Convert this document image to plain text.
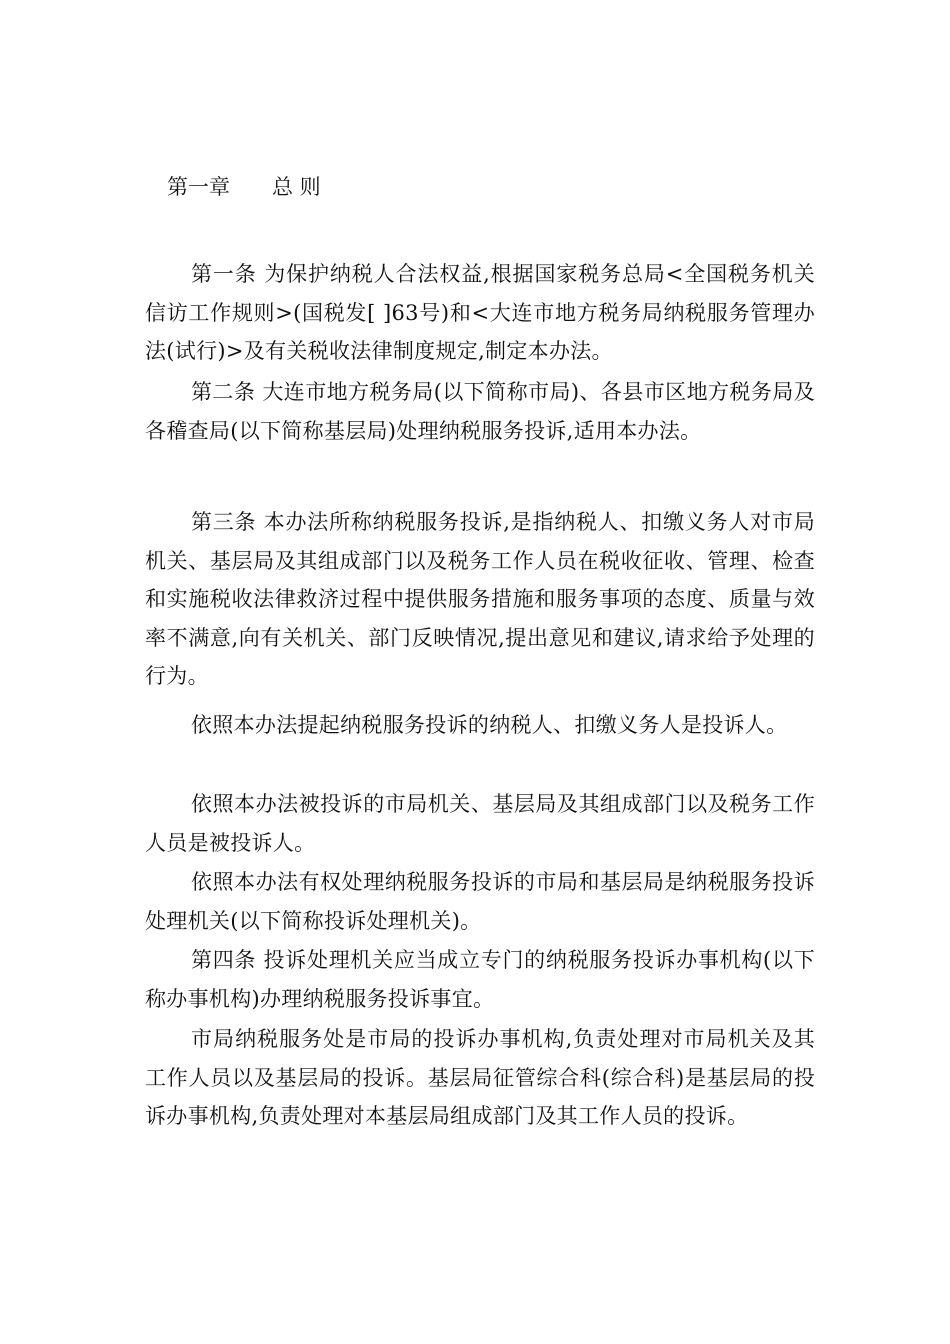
第一章　　总 则

第一条 为保护纳税人合法权益,根据国家税务总局<全国税务机关信访工作规则>(国税发[ ]63号)和<大连市地方税务局纳税服务管理办法(试行)>及有关税收法律制度规定,制定本办法。

第二条 大连市地方税务局(以下简称市局)、各县市区地方税务局及各稽查局(以下简称基层局)处理纳税服务投诉,适用本办法。

第三条 本办法所称纳税服务投诉,是指纳税人、扣缴义务人对市局机关、基层局及其组成部门以及税务工作人员在税收征收、管理、检查和实施税收法律救济过程中提供服务措施和服务事项的态度、质量与效率不满意,向有关机关、部门反映情况,提出意见和建议,请求给予处理的行为。

依照本办法提起纳税服务投诉的纳税人、扣缴义务人是投诉人。

依照本办法被投诉的市局机关、基层局及其组成部门以及税务工作人员是被投诉人。

依照本办法有权处理纳税服务投诉的市局和基层局是纳税服务投诉处理机关(以下简称投诉处理机关)。

第四条 投诉处理机关应当成立专门的纳税服务投诉办事机构(以下称办事机构)办理纳税服务投诉事宜。

市局纳税服务处是市局的投诉办事机构,负责处理对市局机关及其工作人员以及基层局的投诉。基层局征管综合科(综合科)是基层局的投诉办事机构,负责处理对本基层局组成部门及其工作人员的投诉。
